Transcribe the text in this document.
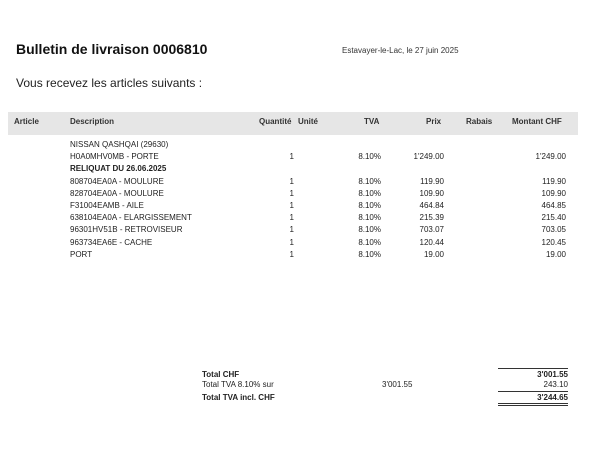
Bulletin de livraison 0006810	Estavayer-le-Lac, le 27 juin 2025
Vous recevez les articles suivants :
Article	Description	Quantité Unité	TVA	Prix	Rabais Montant CHF
NISSAN QASHQAI (29630)
H0A0MHV0MB - PORTE	1	8.10%	1'249.00	1'249.00
RELIQUAT DU 26.06.2025
808704EA0A - MOULURE	1	8.10%	119.90	119.90
828704EA0A - MOULURE	1	8.10%	109.90	109.90
F31004EAMB - AILE	1	8.10%	464.84	464.85
638104EA0A - ELARGISSEMENT	1	8.10%	215.39	215.40
96301HV51B - RETROVISEUR	1	8.10%	703.07	703.05
963734EA6E - CACHE	1	8.10%	120.44	120.45
PORT	1	8.10%	19.00	19.00
Total CHF	3'001.55
Total TVA 8.10% sur	3'001.55	243.10
Total TVA incl. CHF	3'244.65
